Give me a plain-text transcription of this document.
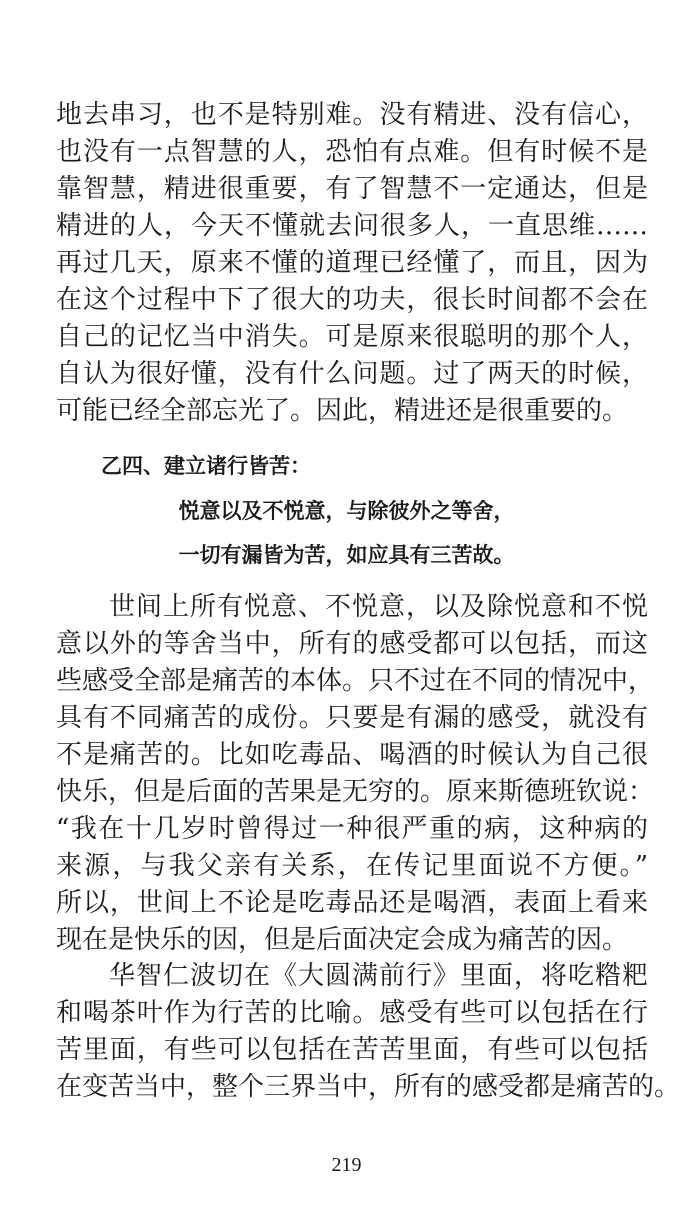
地去串习，也不是特别难。没有精进、没有信心，
也没有一点智慧的人，恐怕有点难。但有时候不是
靠智慧，精进很重要，有了智慧不一定通达，但是
精进的人，今天不懂就去问很多人，一直思维……
再过几天，原来不懂的道理已经懂了，而且，因为
在这个过程中下了很大的功夫，很长时间都不会在
自己的记忆当中消失。可是原来很聪明的那个人，
自认为很好懂，没有什么问题。过了两天的时候，
可能已经全部忘光了。因此，精进还是很重要的。
乙四、建立诸行皆苦：
悦意以及不悦意，与除彼外之等舍，
一切有漏皆为苦，如应具有三苦故。
世间上所有悦意、不悦意，以及除悦意和不悦
意以外的等舍当中，所有的感受都可以包括，而这
些感受全部是痛苦的本体。只不过在不同的情况中，
具有不同痛苦的成份。只要是有漏的感受，就没有
不是痛苦的。比如吃毒品、喝酒的时候认为自己很
快乐，但是后面的苦果是无穷的。原来斯德班钦说：
“我在十几岁时曾得过一种很严重的病，这种病的
来源，与我父亲有关系，在传记里面说不方便。”
所以，世间上不论是吃毒品还是喝酒，表面上看来
现在是快乐的因，但是后面决定会成为痛苦的因。
华智仁波切在《大圆满前行》里面，将吃糌粑
和喝茶叶作为行苦的比喻。感受有些可以包括在行
苦里面，有些可以包括在苦苦里面，有些可以包括
在变苦当中，整个三界当中，所有的感受都是痛苦的。
219
